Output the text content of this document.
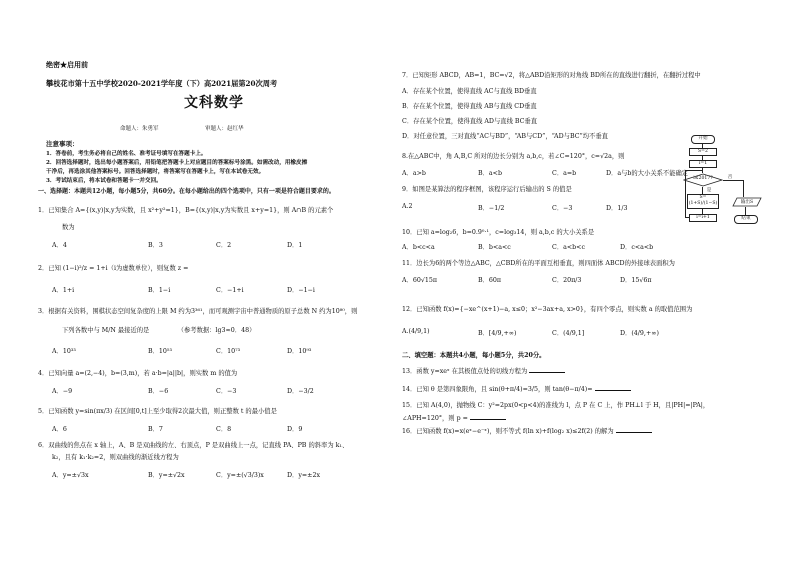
绝密★启用前
攀枝花市第十五中学校2020-2021学年度（下）高2021届第20次周考
文科数学
命题人：朱勇军	审题人：赵红华
注意事项：
1．答卷前，考生务必将自己的姓名、准考证号填写在答题卡上。
2．回答选择题时，选出每小题答案后，用铅笔把答题卡上对应题目的答案标号涂黑。如需改动，用橡皮擦
干净后，再选涂其他答案标号。回答选择题时，将答案写在答题卡上，写在本试卷无效。
3．考试结束后，将本试卷和答题卡一并交回。
一、选择题：本题共12小题，每小题5分，共60分。在每小题给出的四个选项中，只有一项是符合题目要求的。
1．已知集合 A={(x,y)|x,y为实数，且 x²+y²=1}，B={(x,y)|x,y为实数且 x+y=1}，则 A∩B 的元素个
数为
A．4	B．3	C．2	D．1
2．已知 (1−i)²/z = 1+i（i为虚数单位），则复数 z =
A．1+i	B．1−i	C．−1+i	D．−1−i
3．根据有关资料，围棋状态空间复杂度的上限 M 约为3³⁶¹，而可观测宇宙中普通物质的原子总数 N 约为10⁸⁰，则
下列各数中与 M/N 最接近的是　　　　　（参考数据：lg3≈0．48）
A．10³³	B．10⁵³	C．10⁷³	D．10⁹³
4．已知向量 a=(2,−4)，b=(3,m)，若 a·b=|a||b|，则实数 m 的值为
A．−9	B．−6	C．−3	D．−3/2
5．已知函数 y=sin(πx/3) 在区间[0,t]上至少取得2次最大值，则正整数 t 的最小值是
A．6	B．7	C．8	D．9
6．双曲线的焦点在 x 轴上，A、B 是双曲线的左、右顶点，P 是双曲线上一点，记直线 PA、PB 的斜率为 k₁、
k₂，且有 k₁·k₂=2，则双曲线的渐近线方程为
A．y=±√3x	B．y=±√2x	C．y=±(√3/3)x	D．y=±2x
7．已知矩形 ABCD，AB=1，BC=√2，将△ABD沿矩形的对角线 BD所在的直线进行翻折，在翻折过程中
A．存在某个位置，使得直线 AC与直线 BD垂直
B．存在某个位置，使得直线 AB与直线 CD垂直
C．存在某个位置，使得直线 AD与直线 BC垂直
D．对任意位置，三对直线“AC与BD”，“AB与CD”，“AD与BC”均不垂直
8.在△ABC中，角 A,B,C 所对的边长分别为 a,b,c，若∠C=120°，c=√2a，则
A．a>b	B．a<b	C．a=b	D．a与b的大小关系不能确定
9．如图是某算法的程序框图，该程序运行后输出的 S 的值是
A.2	B．−1/2	C．−3	D．1/3
10．已知 a=log₂6，b=0.9⁰·¹，c=log₃14，则 a,b,c 的大小关系是
A．b<c<a	B．b<a<c	C．a<b<c	D．c<a<b
11．边长为6的两个等边△ABC，△CBD所在的平面互相垂直，则四面体 ABCD的外接球表面积为
A．60√15π	B．60π	C．20π/3	D．15√6π
12．已知函数 f(x)={−xe^(x+1)−a, x≤0；x²−3ax+a, x>0}，有四个零点，则实数 a 的取值范围为
A.(4/9,1)	B．[4/9,+∞)	C．(4/9,1]	D．(4/9,+∞)
二、填空题：本题共4小题，每小题5分，共20分。
13．函数 y=xeˣ 在其极值点处的切线方程为
14．已知 θ 是第四象限角，且 sin(θ+π/4)=3/5，则 tan(θ−π/4)=
15．已知 A(4,0)，抛物线 C：y²=2px(0<p<4)的准线为 l，点 P 在 C 上，作 PH⊥l 于 H，且|PH|=|PA|，
∠APH=120°，则 p =
16．已知函数 f(x)=x(eˣ−e⁻ˣ)，则不等式 f(ln x)+f(log₂ x)≤2f(2) 的解为
开始
S=2
i=1
i≤2017?	否
输出S
结束
是
S=(1+S)/(1−S)
i=i+1
